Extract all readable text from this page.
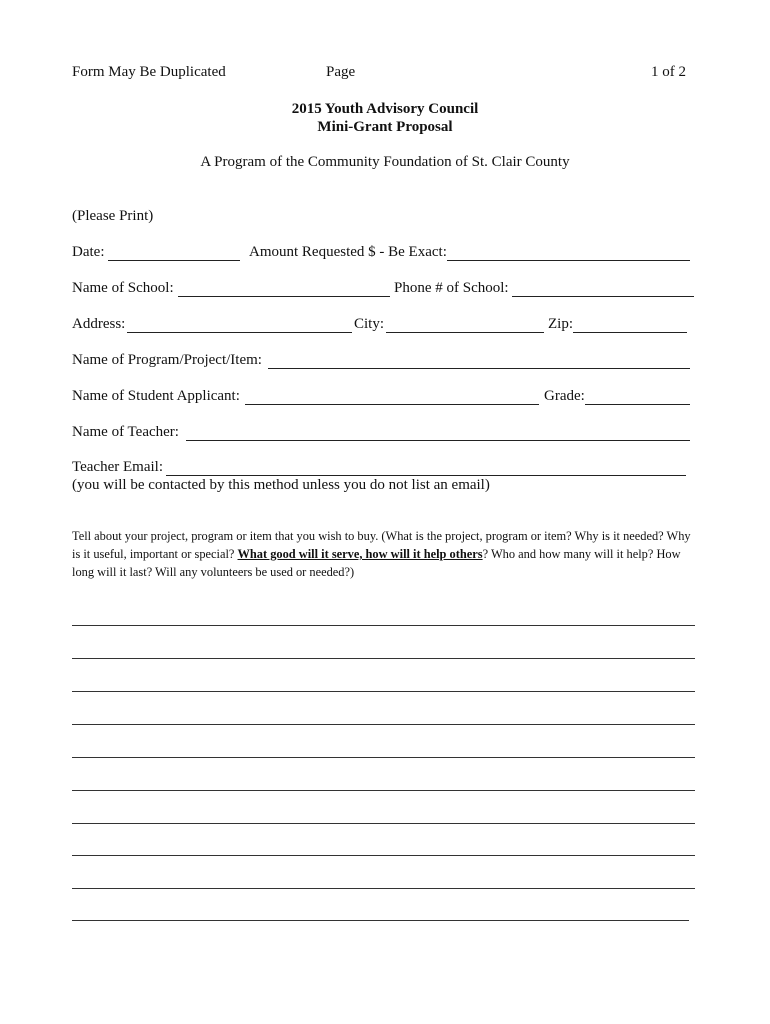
Form May Be Duplicated	Page	1 of 2
2015 Youth Advisory Council
Mini-Grant Proposal
A Program of the Community Foundation of St. Clair County
(Please Print)
Date:	Amount Requested $ - Be Exact:
Name of School:	Phone # of School:
Address:	City:	Zip:
Name of Program/Project/Item:
Name of Student Applicant:	Grade:
Name of Teacher:
Teacher Email:
(you will be contacted by this method unless you do not list an email)
Tell about your project, program or item that you wish to buy. (What is the project, program or item? Why is it needed? Why is it useful, important or special? What good will it serve, how will it help others? Who and how many will it help? How long will it last? Will any volunteers be used or needed?)
